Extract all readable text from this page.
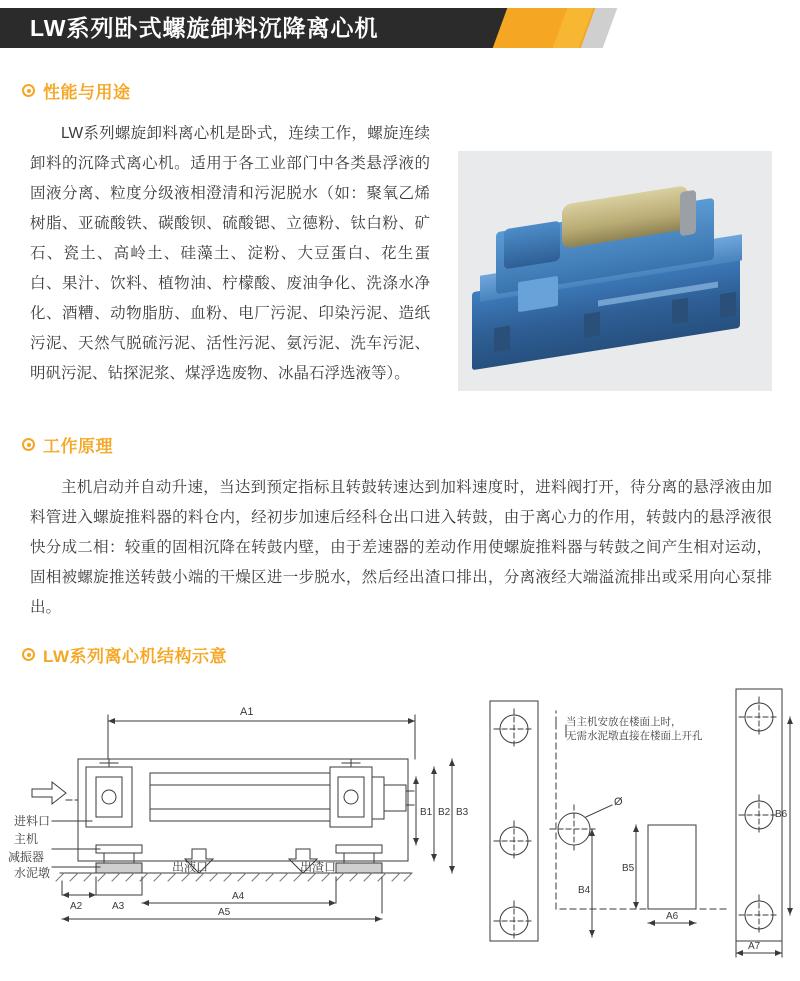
LW系列卧式螺旋卸料沉降离心机
性能与用途
LW系列螺旋卸料离心机是卧式，连续工作，螺旋连续卸料的沉降式离心机。适用于各工业部门中各类悬浮液的固液分离、粒度分级液相澄清和污泥脱水（如：聚氧乙烯树脂、亚硫酸铁、碳酸钡、硫酸锶、立德粉、钛白粉、矿石、瓷土、高岭土、硅藻土、淀粉、大豆蛋白、花生蛋白、果汁、饮料、植物油、柠檬酸、废油争化、洗涤水净化、酒糟、动物脂肪、血粉、电厂污泥、印染污泥、造纸污泥、天然气脱硫污泥、活性污泥、氨污泥、洗车污泥、明矾污泥、钻探泥浆、煤浮选废物、冰晶石浮选液等）。
工作原理
主机启动并自动升速，当达到预定指标且转鼓转速达到加料速度时，进料阀打开，待分离的悬浮液由加料管进入螺旋推料器的料仓内，经初步加速后经科仓出口进入转鼓，由于离心力的作用，转鼓内的悬浮液很快分成二相：较重的固相沉降在转鼓内壁，由于差速器的差动作用使螺旋推料器与转鼓之间产生相对运动，固相被螺旋推送转鼓小端的干燥区进一步脱水，然后经出渣口排出，分离液经大端溢流排出或采用向心泵排出。
LW系列离心机结构示意
A1
B1 B2 B3
A2	A3
A4
A5
Ø
B5
B4
A6
B6
A7
进料口
主机
减振器
水泥墩	出液口	出渣口
当主机安放在楼面上时，
无需水泥墩直接在楼面上开孔
